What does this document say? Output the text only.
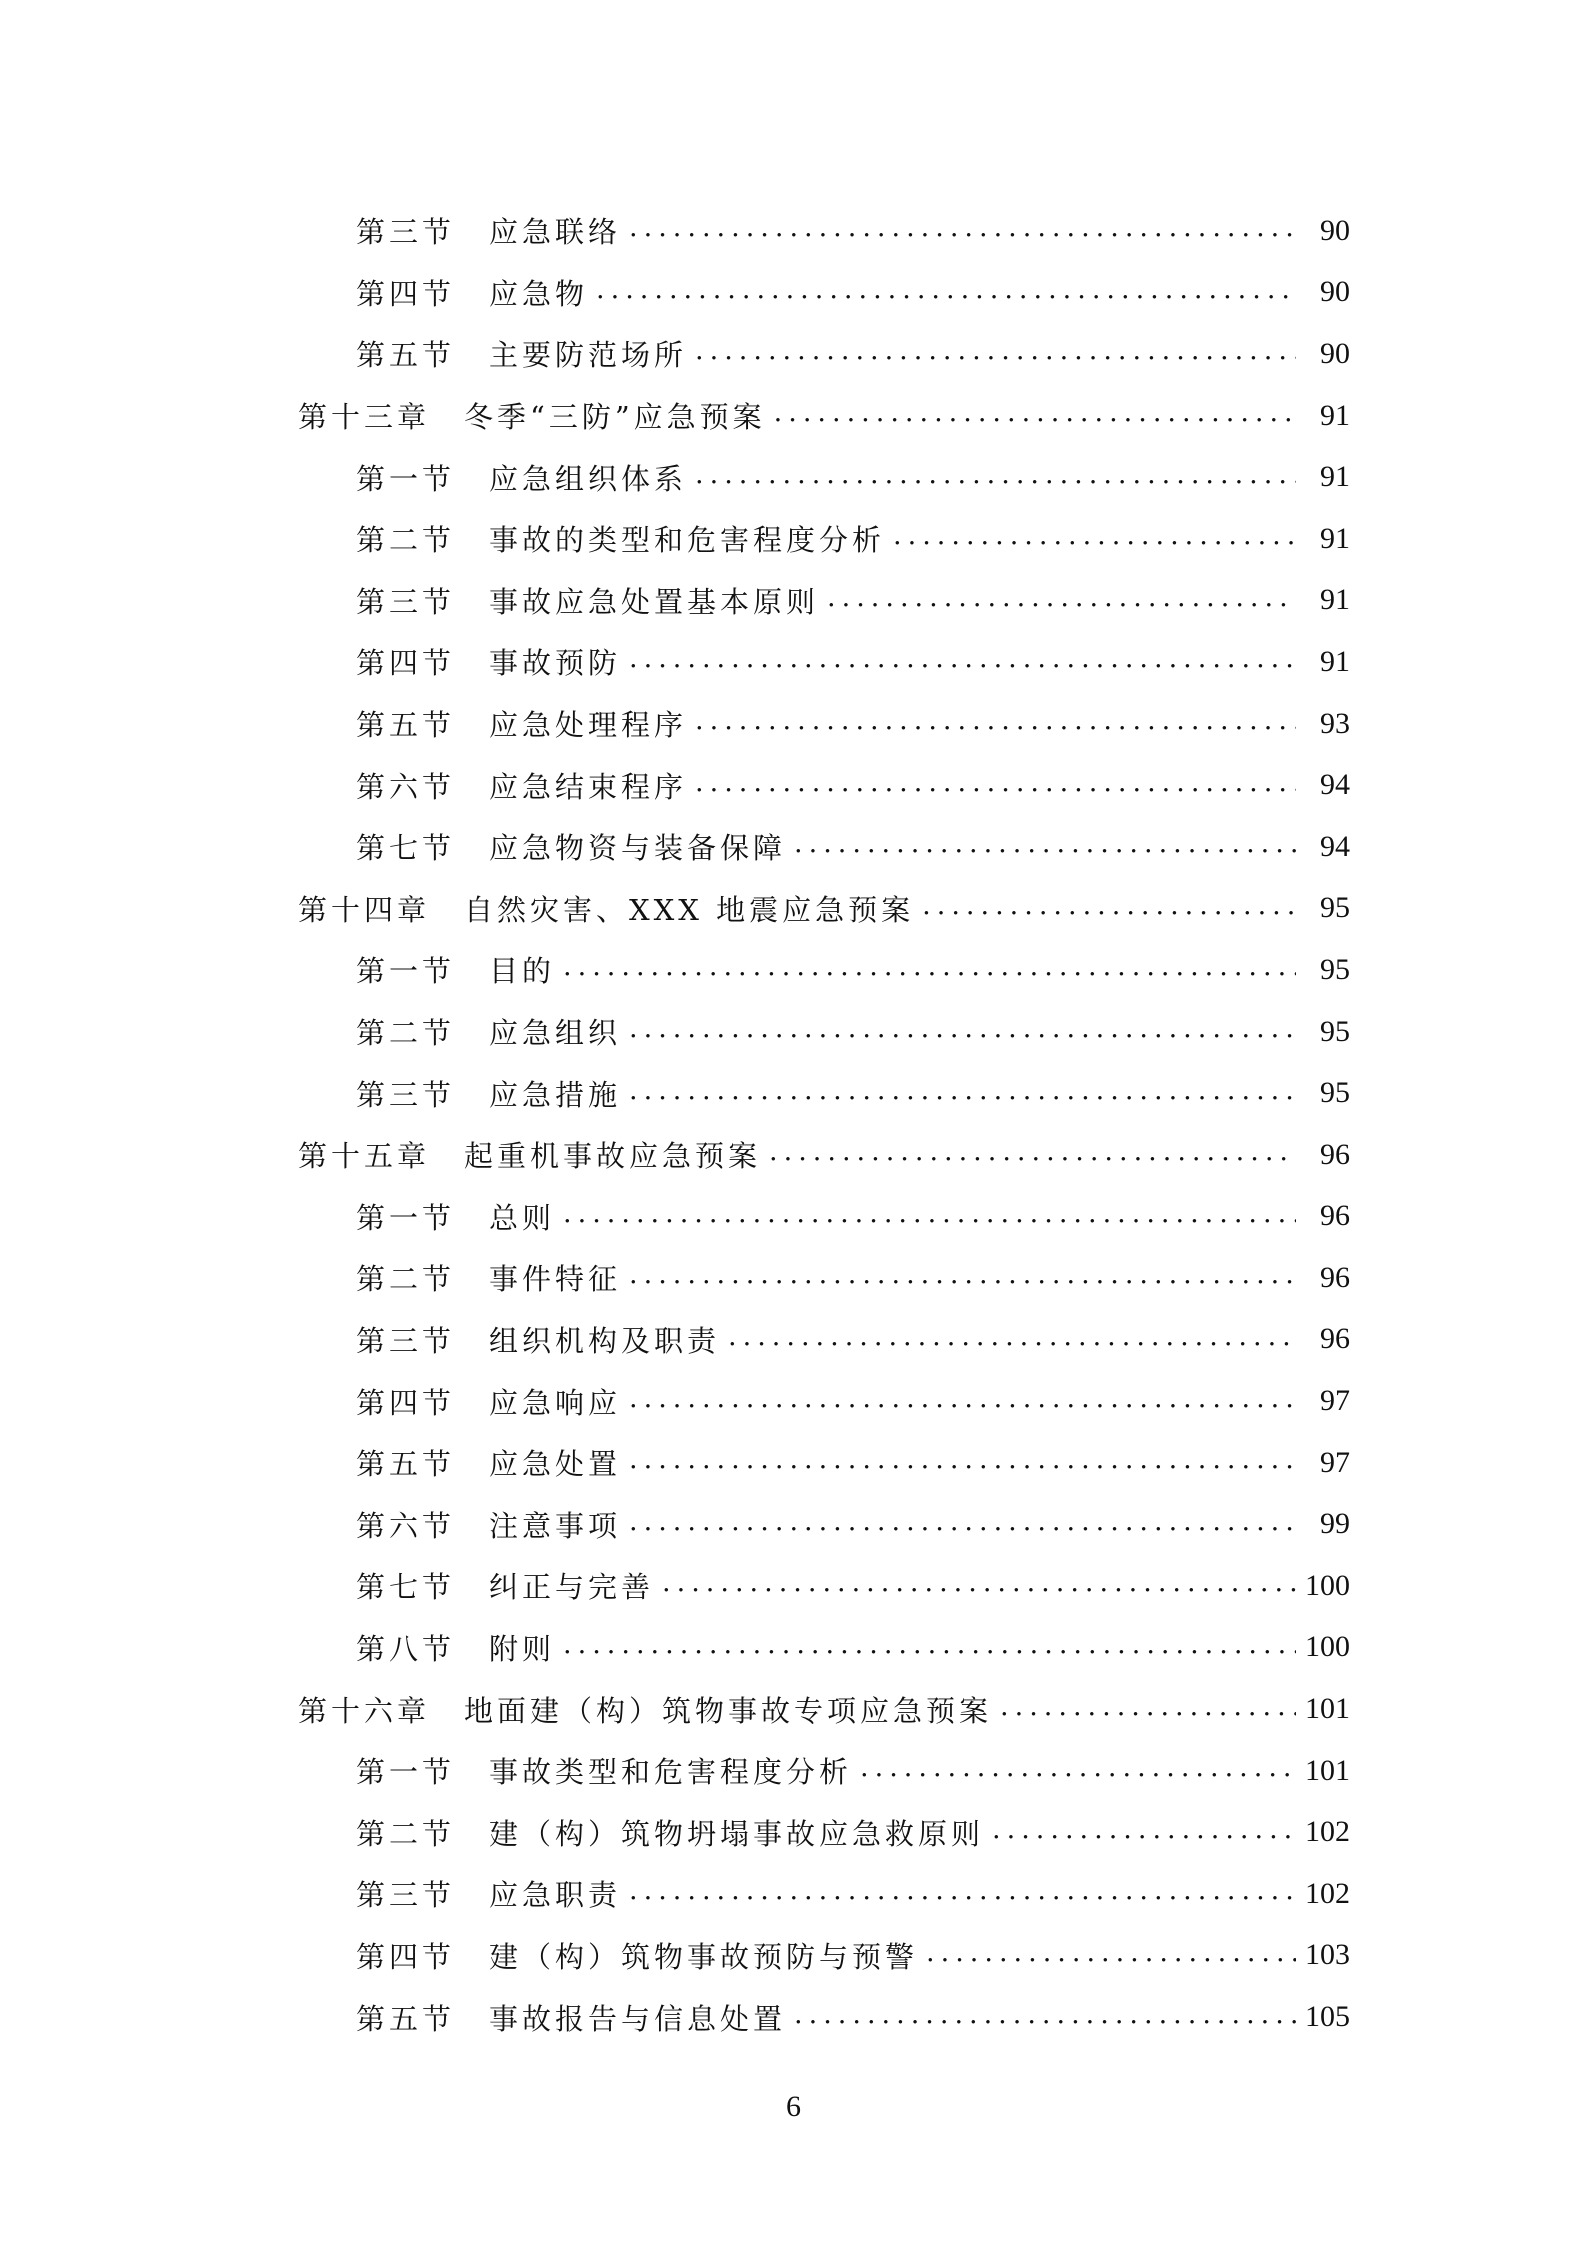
第三节 应急联络 .....	90
第四节 应急物 .....	90
第五节 主要防范场所 .....	90
第十三章 冬季“三防”应急预案 .....	91
第一节 应急组织体系 .....	91
第二节 事故的类型和危害程度分析 .....	91
第三节 事故应急处置基本原则 .....	91
第四节 事故预防 .....	91
第五节 应急处理程序 .....	93
第六节 应急结束程序 .....	94
第七节 应急物资与装备保障 .....	94
第十四章 自然灾害、XXX 地震应急预案 .....	95
第一节 目的 .....	95
第二节 应急组织 .....	95
第三节 应急措施 .....	95
第十五章 起重机事故应急预案 .....	96
第一节 总则 .....	96
第二节 事件特征 .....	96
第三节 组织机构及职责 .....	96
第四节 应急响应 .....	97
第五节 应急处置 .....	97
第六节 注意事项 .....	99
第七节 纠正与完善 .....	100
第八节 附则 .....	100
第十六章 地面建（构）筑物事故专项应急预案 .....	101
第一节 事故类型和危害程度分析 .....	101
第二节 建（构）筑物坍塌事故应急救原则 .....	102
第三节 应急职责 .....	102
第四节 建（构）筑物事故预防与预警 .....	103
第五节 事故报告与信息处置 .....	105
6
